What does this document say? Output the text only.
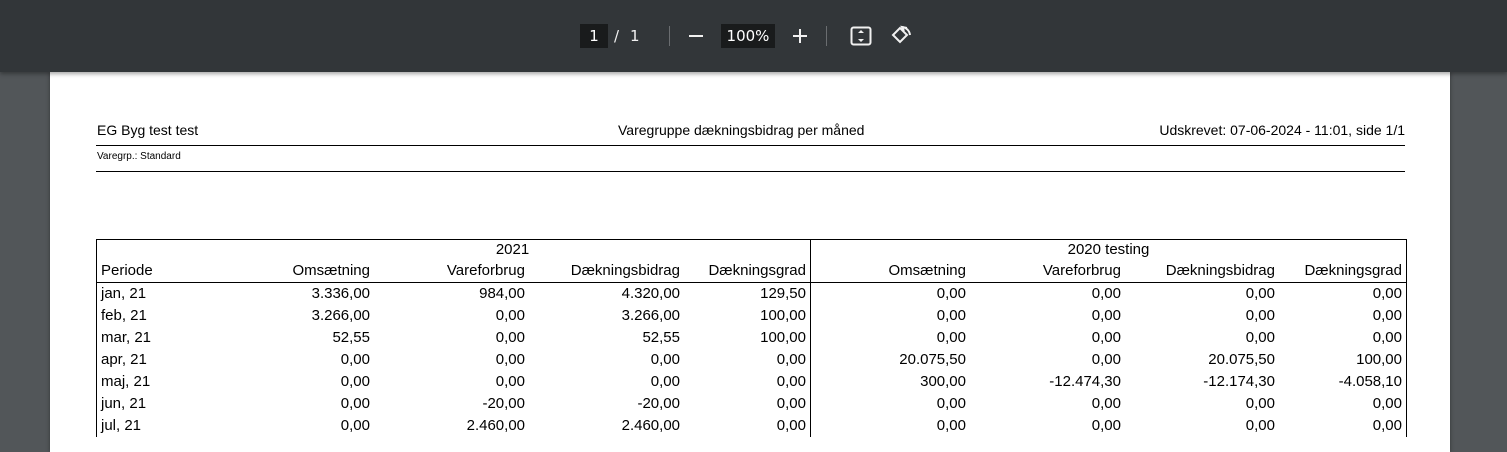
1	/ 1	100%
EG Byg test test	Varegruppe dækningsbidrag per måned	Udskrevet: 07-06-2024 - 11:01, side 1/1
Varegrp.: Standard
2021	2020 testing
Periode	Omsætning	Vareforbrug	Dækningsbidrag	Dækningsgrad	Omsætning	Vareforbrug	Dækningsbidrag	Dækningsgrad
jan, 21	3.336,00	984,00	4.320,00	129,50	0,00	0,00	0,00	0,00
feb, 21	3.266,00	0,00	3.266,00	100,00	0,00	0,00	0,00	0,00
mar, 21	52,55	0,00	52,55	100,00	0,00	0,00	0,00	0,00
apr, 21	0,00	0,00	0,00	0,00	20.075,50	0,00	20.075,50	100,00
maj, 21	0,00	0,00	0,00	0,00	300,00	-12.474,30	-12.174,30	-4.058,10
jun, 21	0,00	-20,00	-20,00	0,00	0,00	0,00	0,00	0,00
jul, 21	0,00	2.460,00	2.460,00	0,00	0,00	0,00	0,00	0,00
